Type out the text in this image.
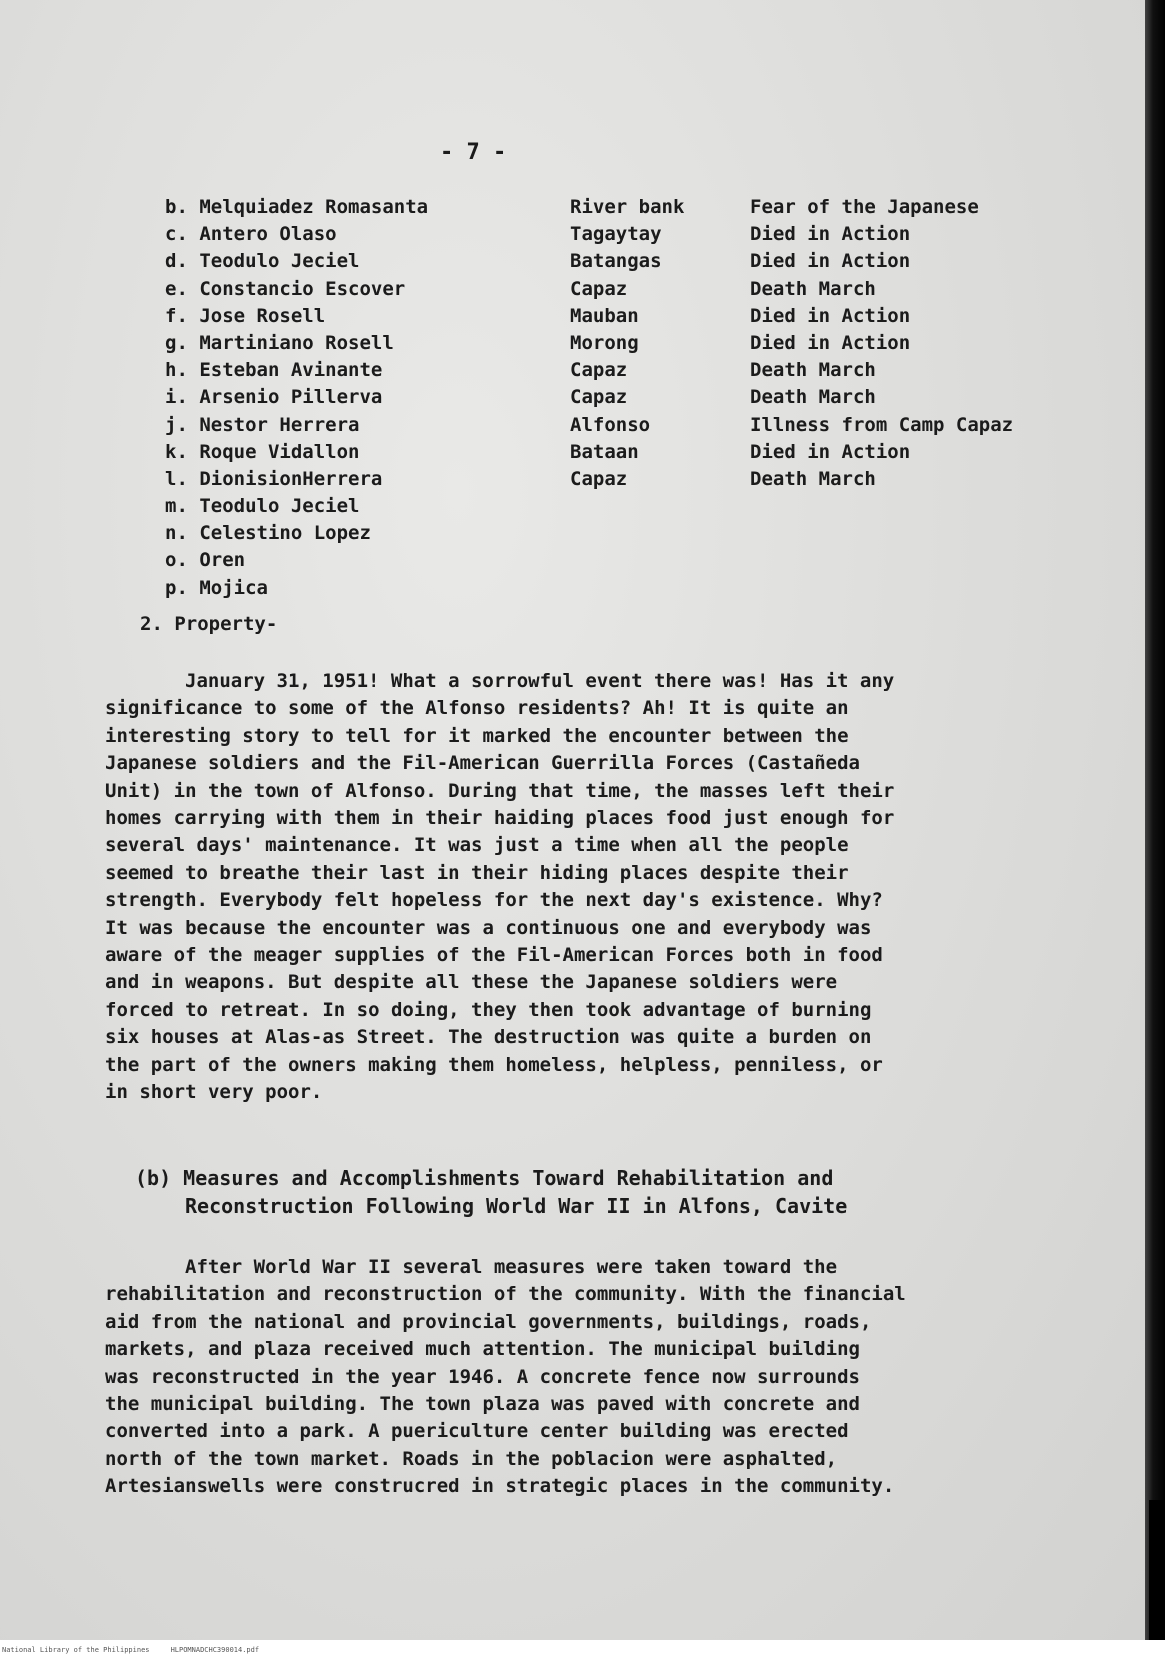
National Library of the Philippines     HLPOMNADCHC390014.pdf
- 7 -
b. Melquiadez Romasanta	River bank	Fear of the Japanese
c. Antero Olaso	Tagaytay	Died in Action
d. Teodulo Jeciel	Batangas	Died in Action
e. Constancio Escover	Capaz	Death March
f. Jose Rosell	Mauban	Died in Action
g. Martiniano Rosell	Morong	Died in Action
h. Esteban Avinante	Capaz	Death March
i. Arsenio Pillerva	Capaz	Death March
j. Nestor Herrera	Alfonso	Illness from Camp Capaz
k. Roque Vidallon	Bataan	Died in Action
l. DionisionHerrera	Capaz	Death March
m. Teodulo Jeciel
n. Celestino Lopez
o. Oren
p. Mojica
2. Property-
January 31, 1951! What a sorrowful event there was! Has it any
significance to some of the Alfonso residents? Ah! It is quite an
interesting story to tell for it marked the encounter between the
Japanese soldiers and the Fil-American Guerrilla Forces (Castañeda
Unit) in the town of Alfonso. During that time, the masses left their
homes carrying with them in their haiding places food just enough for
several days' maintenance. It was just a time when all the people
seemed to breathe their last in their hiding places despite their
strength. Everybody felt hopeless for the next day's existence. Why?
It was because the encounter was a continuous one and everybody was
aware of the meager supplies of the Fil-American Forces both in food
and in weapons. But despite all these the Japanese soldiers were
forced to retreat. In so doing, they then took advantage of burning
six houses at Alas-as Street. The destruction was quite a burden on
the part of the owners making them homeless, helpless, penniless, or
in short very poor.
(b) Measures and Accomplishments Toward Rehabilitation and
Reconstruction Following World War II in Alfons, Cavite
After World War II several measures were taken toward the
rehabilitation and reconstruction of the community. With the financial
aid from the national and provincial governments, buildings, roads,
markets, and plaza received much attention. The municipal building
was reconstructed in the year 1946. A concrete fence now surrounds
the municipal building. The town plaza was paved with concrete and
converted into a park. A puericulture center building was erected
north of the town market. Roads in the poblacion were asphalted,
Artesianswells were construcred in strategic places in the community.
